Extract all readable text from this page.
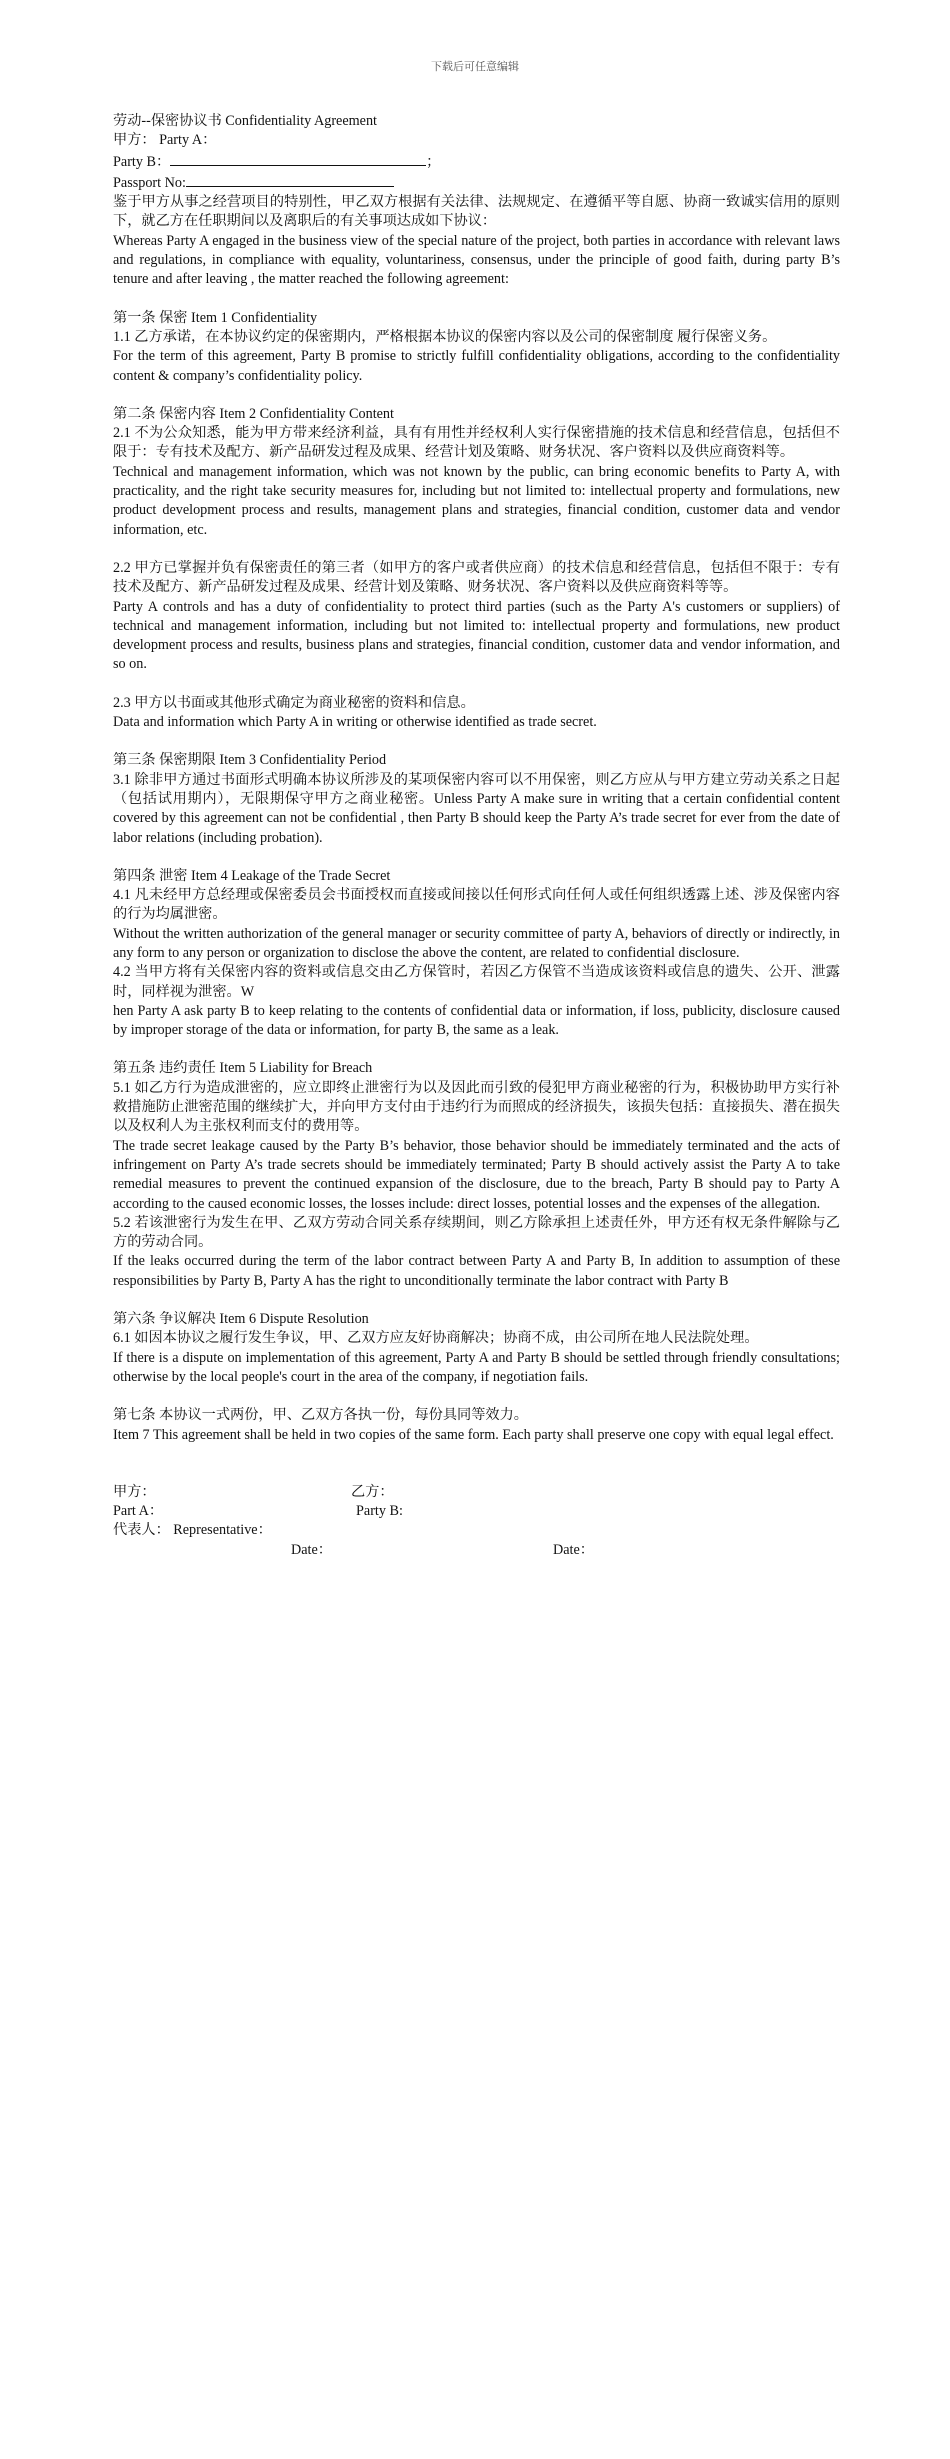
下载后可任意编辑

劳动--保密协议书 Confidentiality Agreement

甲方： Party A：

Party B：	；

Passport No:

鉴于甲方从事之经营项目的特别性，甲乙双方根据有关法律、法规规定、在遵循平等自愿、协商一致诚实信用的原则下，就乙方在任职期间以及离职后的有关事项达成如下协议：

Whereas Party A engaged in the business view of the special nature of the project, both parties in accordance with relevant laws and regulations, in compliance with equality, voluntariness, consensus, under the principle of good faith, during party B’s tenure and after leaving , the matter reached the following agreement:

第一条 保密 Item 1 Confidentiality

1.1 乙方承诺，在本协议约定的保密期内，严格根据本协议的保密内容以及公司的保密制度 履行保密义务。

For the term of this agreement, Party B promise to strictly fulfill confidentiality obligations, according to the confidentiality content & company’s confidentiality policy.

第二条 保密内容 Item 2 Confidentiality Content

2.1 不为公众知悉，能为甲方带来经济利益，具有有用性并经权利人实行保密措施的技术信息和经营信息，包括但不限于：专有技术及配方、新产品研发过程及成果、经营计划及策略、财务状况、客户资料以及供应商资料等。

Technical and management information, which was not known by the public, can bring economic benefits to Party A, with practicality, and the right take security measures for, including but not limited to: intellectual property and formulations, new product development process and results, management plans and strategies, financial condition, customer data and vendor information, etc.

2.2 甲方已掌握并负有保密责任的第三者（如甲方的客户或者供应商）的技术信息和经营信息，包括但不限于：专有技术及配方、新产品研发过程及成果、经营计划及策略、财务状况、客户资料以及供应商资料等等。

Party A controls and has a duty of confidentiality to protect third parties (such as the Party A's customers or suppliers) of technical and management information, including but not limited to: intellectual property and formulations, new product development process and results, business plans and strategies, financial condition, customer data and vendor information, and so on.

2.3 甲方以书面或其他形式确定为商业秘密的资料和信息。

Data and information which Party A in writing or otherwise identified as trade secret.

第三条 保密期限 Item 3 Confidentiality Period

3.1 除非甲方通过书面形式明确本协议所涉及的某项保密内容可以不用保密，则乙方应从与甲方建立劳动关系之日起（包括试用期内），无限期保守甲方之商业秘密。Unless Party A make sure in writing that a certain confidential content covered by this agreement can not be confidential , then Party B should keep the Party A’s trade secret for ever from the date of labor relations (including probation).

第四条 泄密 Item 4 Leakage of the Trade Secret

4.1 凡未经甲方总经理或保密委员会书面授权而直接或间接以任何形式向任何人或任何组织透露上述、涉及保密内容的行为均属泄密。

Without the written authorization of the general manager or security committee of party A, behaviors of directly or indirectly, in any form to any person or organization to disclose the above the content, are related to confidential disclosure.

4.2 当甲方将有关保密内容的资料或信息交由乙方保管时，若因乙方保管不当造成该资料或信息的遗失、公开、泄露时，同样视为泄密。W

hen Party A ask party B to keep relating to the contents of confidential data or information, if loss, publicity, disclosure caused by improper storage of the data or information, for party B, the same as a leak.

第五条 违约责任 Item 5 Liability for Breach

5.1 如乙方行为造成泄密的，应立即终止泄密行为以及因此而引致的侵犯甲方商业秘密的行为，积极协助甲方实行补救措施防止泄密范围的继续扩大，并向甲方支付由于违约行为而照成的经济损失，该损失包括：直接损失、潜在损失以及权利人为主张权利而支付的费用等。

The trade secret leakage caused by the Party B’s behavior, those behavior should be immediately terminated and the acts of infringement on Party A’s trade secrets should be immediately terminated; Party B should actively assist the Party A to take remedial measures to prevent the continued expansion of the disclosure, due to the breach, Party B should pay to Party A according to the caused economic losses, the losses include: direct losses, potential losses and the expenses of the allegation.

5.2 若该泄密行为发生在甲、乙双方劳动合同关系存续期间，则乙方除承担上述责任外，甲方还有权无条件解除与乙方的劳动合同。

If the leaks occurred during the term of the labor contract between Party A and Party B, In addition to assumption of these responsibilities by Party B, Party A has the right to unconditionally terminate the labor contract with Party B

第六条 争议解决 Item 6 Dispute Resolution

6.1 如因本协议之履行发生争议，甲、乙双方应友好协商解决；协商不成，由公司所在地人民法院处理。

If there is a dispute on implementation of this agreement, Party A and Party B should be settled through friendly consultations; otherwise by the local people's court in the area of the company, if negotiation fails.

第七条 本协议一式两份，甲、乙双方各执一份，每份具同等效力。

Item 7 This agreement shall be held in two copies of the same form. Each party shall preserve one copy with equal legal effect.

甲方：	乙方：
Part A：	Party B:
代表人： Representative：
Date：	Date：
